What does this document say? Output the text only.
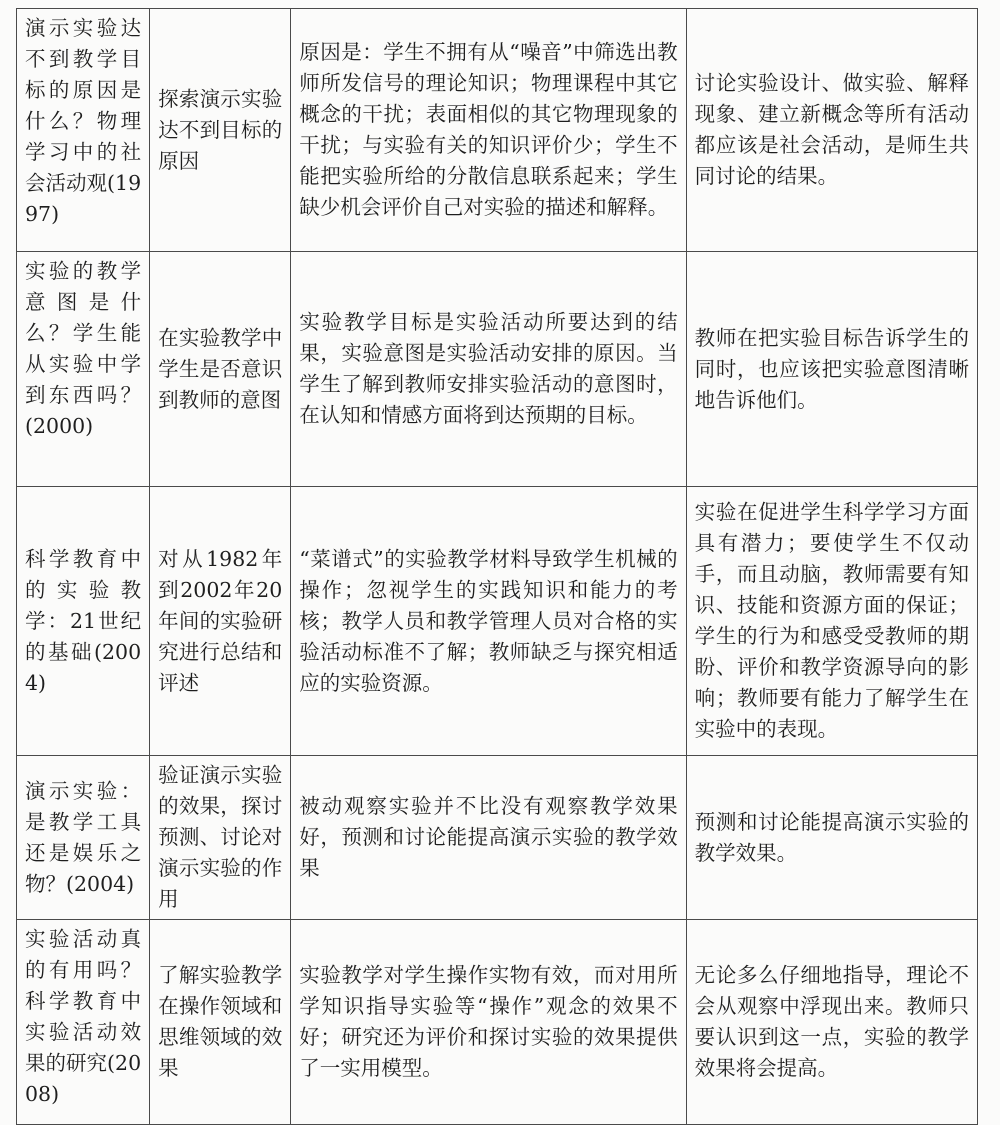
演示实验达不到教学目标的原因是什么？物理学习中的社会活动观(1997)	探索演示实验达不到目标的原因	原因是：学生不拥有从“噪音”中筛选出教师所发信号的理论知识；物理课程中其它概念的干扰；表面相似的其它物理现象的干扰；与实验有关的知识评价少；学生不能把实验所给的分散信息联系起来；学生缺少机会评价自己对实验的描述和解释。	讨论实验设计、做实验、解释现象、建立新概念等所有活动都应该是社会活动，是师生共同讨论的结果。

实验的教学意图是什么？学生能从实验中学到东西吗？(2000)	在实验教学中学生是否意识到教师的意图	实验教学目标是实验活动所要达到的结果，实验意图是实验活动安排的原因。当学生了解到教师安排实验活动的意图时，在认知和情感方面将到达预期的目标。	教师在把实验目标告诉学生的同时，也应该把实验意图清晰地告诉他们。

科学教育中的实验教学：21世纪的基础(2004)	对从1982年到2002年20年间的实验研究进行总结和评述	“菜谱式”的实验教学材料导致学生机械的操作；忽视学生的实践知识和能力的考核；教学人员和教学管理人员对合格的实验活动标准不了解；教师缺乏与探究相适应的实验资源。	实验在促进学生科学学习方面具有潜力；要使学生不仅动手，而且动脑，教师需要有知识、技能和资源方面的保证；学生的行为和感受受教师的期盼、评价和教学资源导向的影响；教师要有能力了解学生在实验中的表现。

演示实验：是教学工具还是娱乐之物？(2004)	验证演示实验的效果，探讨预测、讨论对演示实验的作用	被动观察实验并不比没有观察教学效果好，预测和讨论能提高演示实验的教学效果	预测和讨论能提高演示实验的教学效果。

实验活动真的有用吗？科学教育中实验活动效果的研究(2008)	了解实验教学在操作领域和思维领域的效果	实验教学对学生操作实物有效，而对用所学知识指导实验等“操作”观念的效果不好；研究还为评价和探讨实验的效果提供了一实用模型。	无论多么仔细地指导，理论不会从观察中浮现出来。教师只要认识到这一点，实验的教学效果将会提高。
